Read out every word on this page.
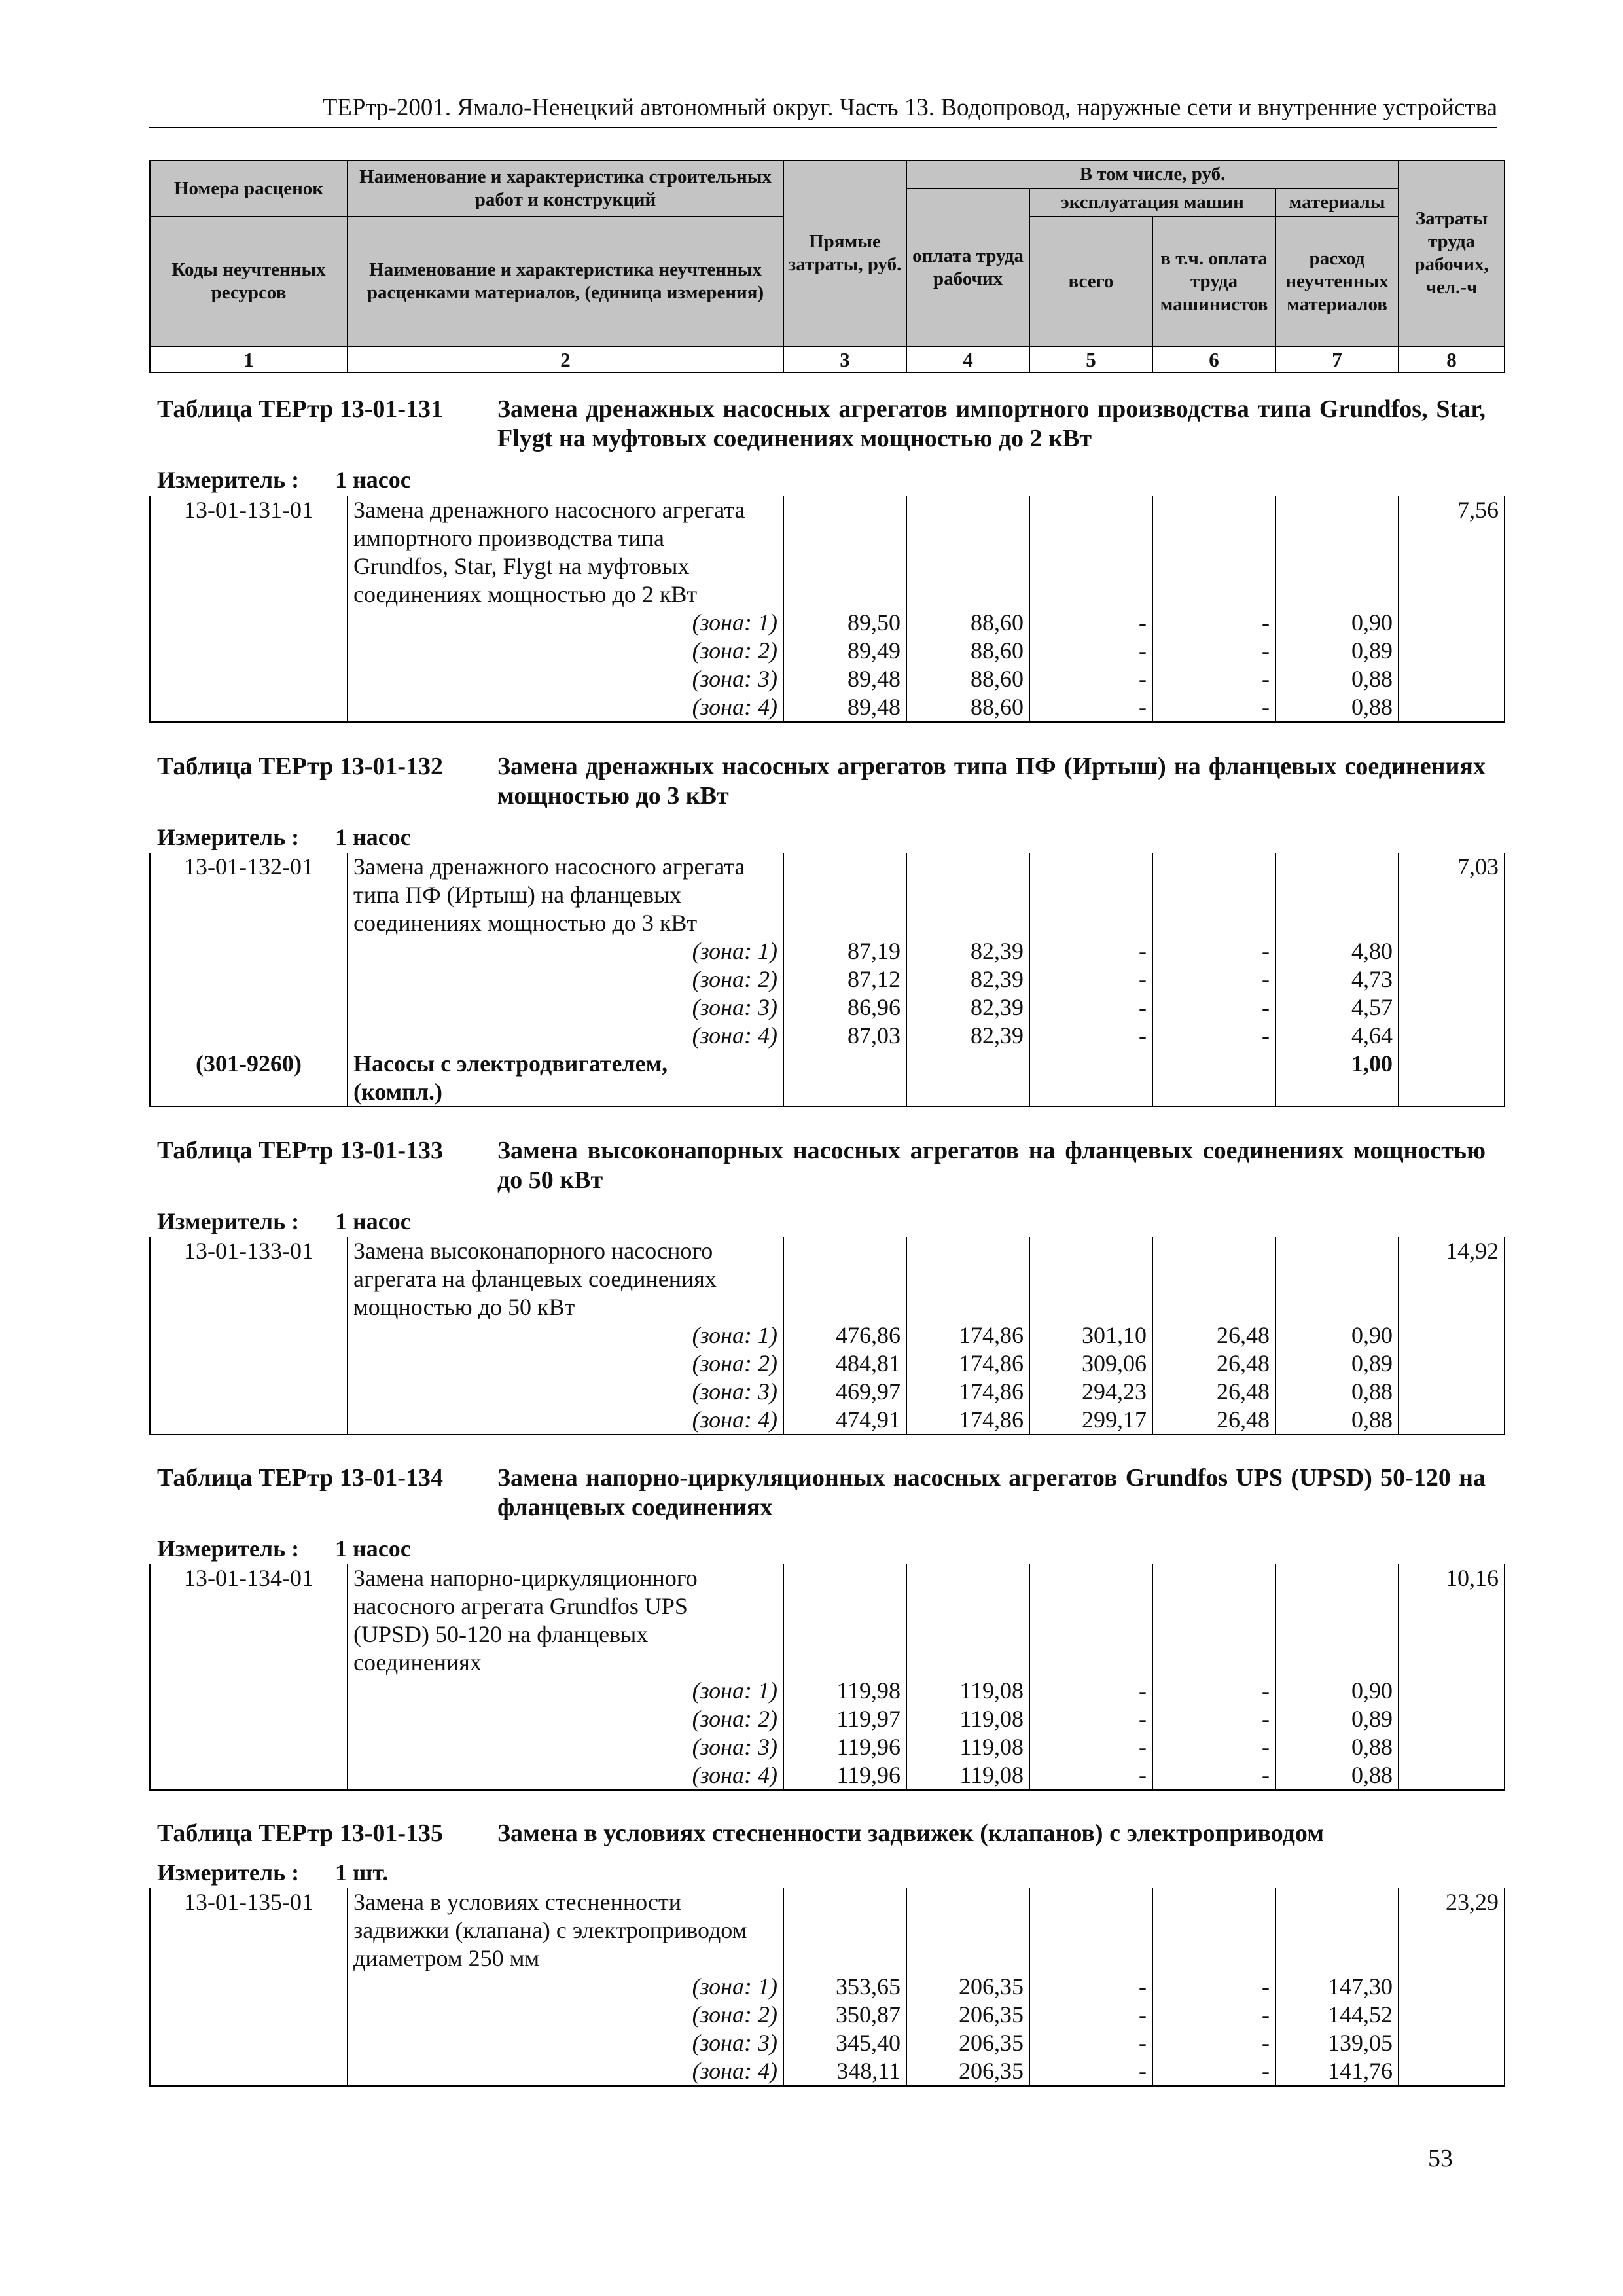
ТЕРтр-2001. Ямало-Ненецкий автономный округ. Часть 13. Водопровод, наружные сети и внутренние устройства
Номера расценок	Наименование и характеристика строительных работ и конструкций	Прямые затраты, руб.	В том числе, руб.				Затраты труда рабочих, чел.-ч
			оплата труда рабочих	эксплуатация машин		материалы	
Коды неучтенных ресурсов	Наименование и характеристика неучтенных расценками материалов, (единица измерения)			всего	в т.ч. оплата труда машинистов	расход неучтенных материалов	

1	2	3	4	5	6	7	8
Таблица ТЕРтр 13-01-131 Замена дренажных насосных агрегатов импортного производства типа Grundfos, Star, Flygt на муфтовых соединениях мощностью до 2 кВт
Измеритель : 1 насос
13-01-131-01	Замена дренажного насосного агрегата						7,56
	импортного производства типа						
	Grundfos, Star, Flygt на муфтовых						
	соединениях мощностью до 2 кВт						
	(зона: 1)	89,50	88,60	-	-	0,90	
	(зона: 2)	89,49	88,60	-	-	0,89	
	(зона: 3)	89,48	88,60	-	-	0,88	
	(зона: 4)	89,48	88,60	-	-	0,88	
Таблица ТЕРтр 13-01-132 Замена дренажных насосных агрегатов типа ПФ (Иртыш) на фланцевых соединениях мощностью до 3 кВт
Измеритель : 1 насос
13-01-132-01	Замена дренажного насосного агрегата						7,03
	типа ПФ (Иртыш) на фланцевых						
	соединениях мощностью до 3 кВт						
	(зона: 1)	87,19	82,39	-	-	4,80	
	(зона: 2)	87,12	82,39	-	-	4,73	
	(зона: 3)	86,96	82,39	-	-	4,57	
	(зона: 4)	87,03	82,39	-	-	4,64	
(301-9260)	Насосы с электродвигателем,					1,00	
	(компл.)						
Таблица ТЕРтр 13-01-133 Замена высоконапорных насосных агрегатов на фланцевых соединениях мощностью до 50 кВт
Измеритель : 1 насос
13-01-133-01	Замена высоконапорного насосного						14,92
	агрегата на фланцевых соединениях						
	мощностью до 50 кВт						
	(зона: 1)	476,86	174,86	301,10	26,48	0,90	
	(зона: 2)	484,81	174,86	309,06	26,48	0,89	
	(зона: 3)	469,97	174,86	294,23	26,48	0,88	
	(зона: 4)	474,91	174,86	299,17	26,48	0,88	
Таблица ТЕРтр 13-01-134 Замена напорно-циркуляционных насосных агрегатов Grundfos UPS (UPSD) 50-120 на фланцевых соединениях
Измеритель : 1 насос
13-01-134-01	Замена напорно-циркуляционного						10,16
	насосного агрегата Grundfos UPS						
	(UPSD) 50-120 на фланцевых						
	соединениях						
	(зона: 1)	119,98	119,08	-	-	0,90	
	(зона: 2)	119,97	119,08	-	-	0,89	
	(зона: 3)	119,96	119,08	-	-	0,88	
	(зона: 4)	119,96	119,08	-	-	0,88	
Таблица ТЕРтр 13-01-135 Замена в условиях стесненности задвижек (клапанов) с электроприводом
Измеритель : 1 шт.
13-01-135-01	Замена в условиях стесненности						23,29
	задвижки (клапана) с электроприводом						
	диаметром 250 мм						
	(зона: 1)	353,65	206,35	-	-	147,30	
	(зона: 2)	350,87	206,35	-	-	144,52	
	(зона: 3)	345,40	206,35	-	-	139,05	
	(зона: 4)	348,11	206,35	-	-	141,76	
53
